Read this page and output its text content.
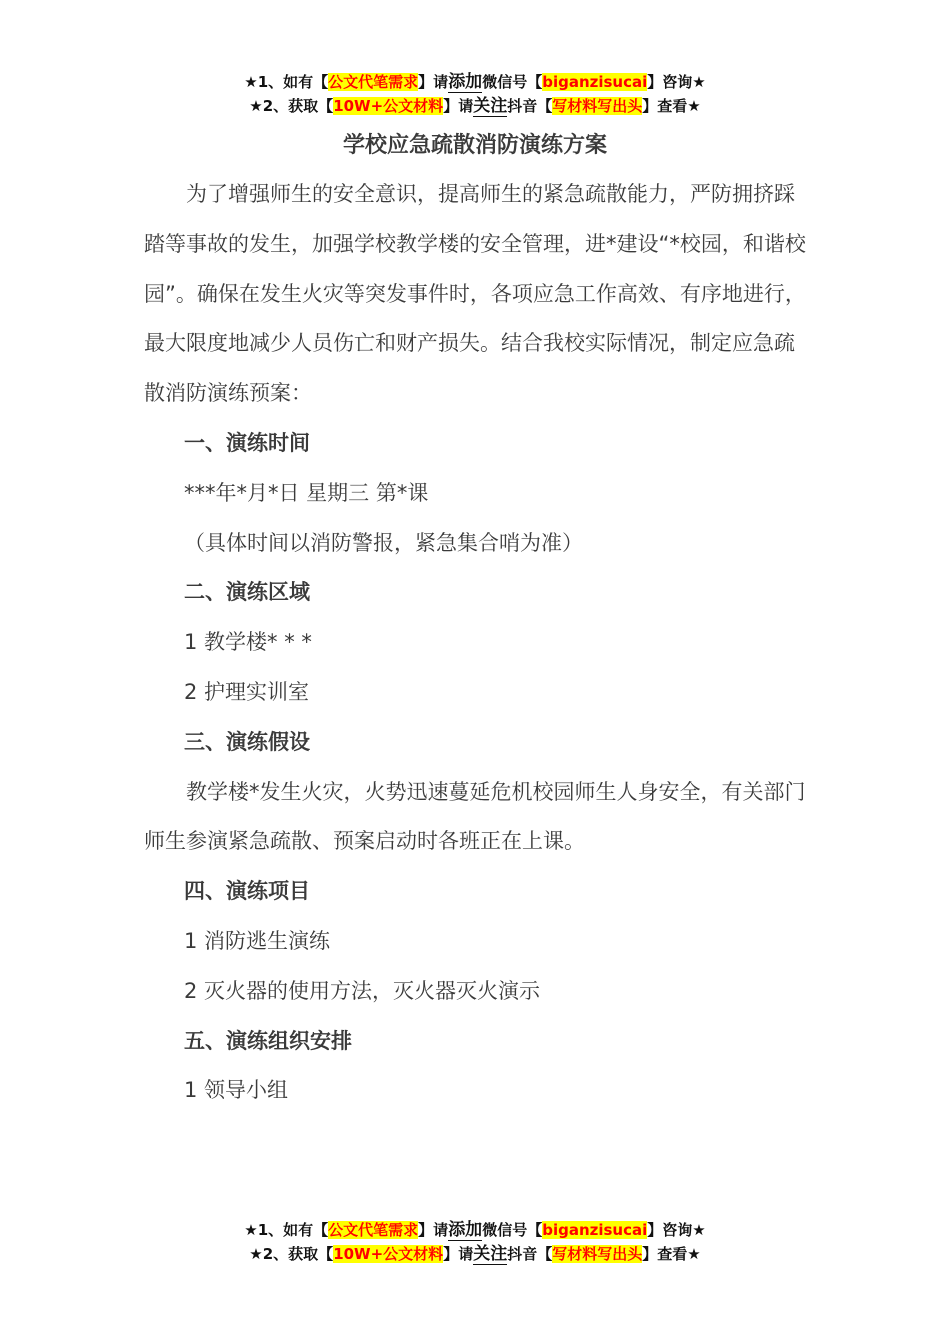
★1、如有【公文代笔需求】请添加微信号【biganzisucai】咨询★
★2、获取【10W+公文材料】请关注抖音【写材料写出头】查看★
学校应急疏散消防演练方案

为了增强师生的安全意识，提高师生的紧急疏散能力，严防拥挤踩踏等事故的发生，加强学校教学楼的安全管理，进*建设“*校园，和谐校园”。确保在发生火灾等突发事件时，各项应急工作高效、有序地进行，最大限度地减少人员伤亡和财产损失。结合我校实际情况，制定应急疏散消防演练预案：

一、演练时间

***年*月*日 星期三 第*课

（具体时间以消防警报，紧急集合哨为准）

二、演练区域

1 教学楼* * *

2 护理实训室

三、演练假设

教学楼*发生火灾，火势迅速蔓延危机校园师生人身安全，有关部门师生参演紧急疏散、预案启动时各班正在上课。

四、演练项目

1 消防逃生演练

2 灭火器的使用方法，灭火器灭火演示

五、演练组织安排

1 领导小组

★1、如有【公文代笔需求】请添加微信号【biganzisucai】咨询★
★2、获取【10W+公文材料】请关注抖音【写材料写出头】查看★
